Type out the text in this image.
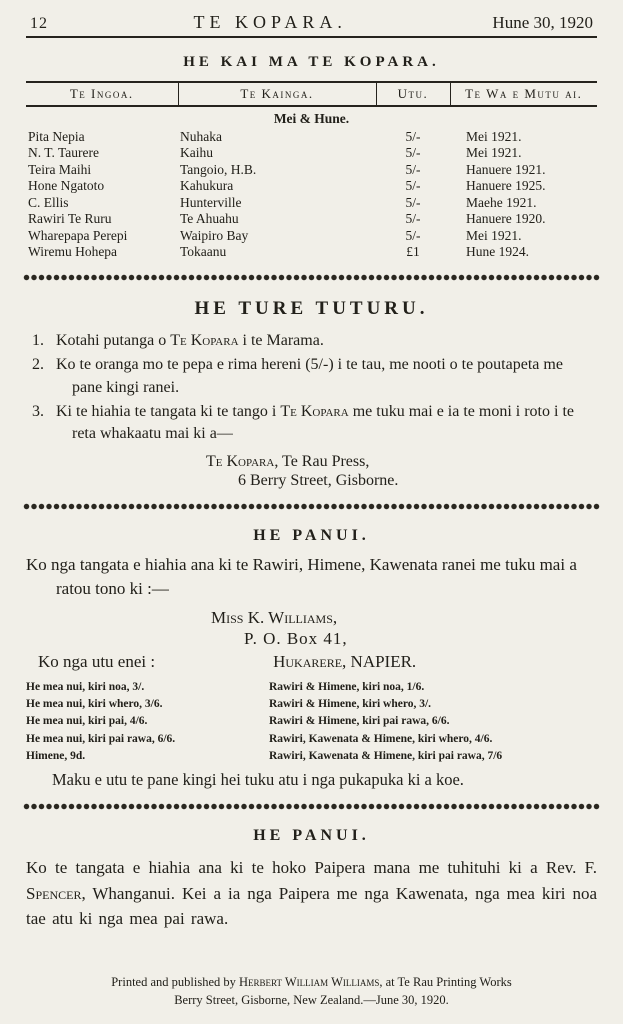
12	TE KOPARA.	Hune 30, 1920
HE KAI MA TE KOPARA.
Te Ingoa.	Te Kainga.	Utu.	Te Wa e Mutu ai.
Mei & Hune.			
Pita Nepia	Nuhaka	5/-	Mei 1921.
N. T. Taurere	Kaihu	5/-	Mei 1921.
Teira Maihi	Tangoio, H.B.	5/-	Hanuere 1921.
Hone Ngatoto	Kahukura	5/-	Hanuere 1925.
C. Ellis	Hunterville	5/-	Maehe 1921.
Rawiri Te Ruru	Te Ahuahu	5/-	Hanuere 1920.
Wharepapa Perepi	Waipiro Bay	5/-	Mei 1921.
Wiremu Hohepa	Tokaanu	£1	Hune 1924.
HE TURE TUTURU.
1. Kotahi putanga o Te Kopara i te Marama.
2. Ko te oranga mo te pepa e rima hereni (5/-) i te tau, me nooti o te poutapeta me pane kingi ranei.
3. Ki te hiahia te tangata ki te tango i Te Kopara me tuku mai e ia te moni i roto i te reta whakaatu mai ki a—
Te Kopara, Te Rau Press,
6 Berry Street, Gisborne.
HE PANUI.

Ko nga tangata e hiahia ana ki te Rawiri, Himene, Kawenata ranei me tuku mai a ratou tono ki :—

Miss K. Williams,
P. O. Box 41,
Ko nga utu enei :	Hukarere, NAPIER.
He mea nui, kiri noa, 3/.
He mea nui, kiri whero, 3/6.
He mea nui, kiri pai, 4/6.
He mea nui, kiri pai rawa, 6/6.
Himene, 9d.
Rawiri & Himene, kiri noa, 1/6.
Rawiri & Himene, kiri whero, 3/.
Rawiri & Himene, kiri pai rawa, 6/6.
Rawiri, Kawenata & Himene, kiri whero, 4/6.
Rawiri, Kawenata & Himene, kiri pai rawa, 7/6

Maku e utu te pane kingi hei tuku atu i nga pukapuka ki a koe.

HE PANUI.

Ko te tangata e hiahia ana ki te hoko Paipera mana me tuhituhi ki a Rev. F. Spencer, Whanganui. Kei a ia nga Paipera me nga Kawenata, nga mea kiri noa tae atu ki nga mea pai rawa.

Printed and published by Herbert William Williams, at Te Rau Printing Works
Berry Street, Gisborne, New Zealand.—June 30, 1920.
